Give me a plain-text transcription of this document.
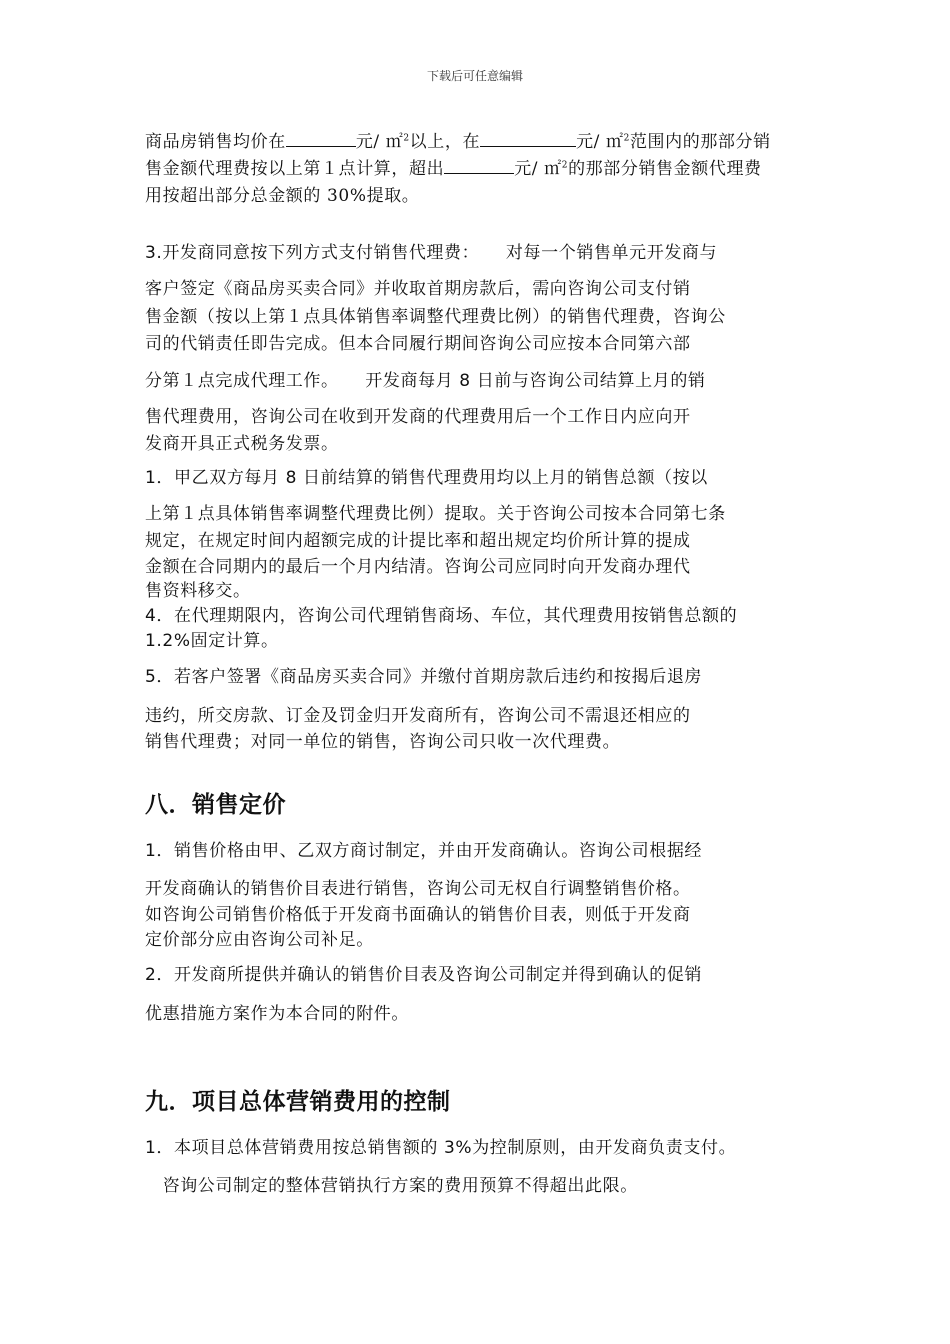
下载后可任意编辑
商品房销售均价在	元/ ㎡$^2$以上，在	元/ ㎡$^2$范围内的那部分销
售金额代理费按以上第１点计算，超出	元/ ㎡$^2$的那部分销售金额代理费
用按超出部分总金额的 30%提取。
3.开发商同意按下列方式支付销售代理费：　　对每一个销售单元开发商与
客户签定《商品房买卖合同》并收取首期房款后，需向咨询公司支付销
售金额（按以上第１点具体销售率调整代理费比例）的销售代理费，咨询公
司的代销责任即告完成。但本合同履行期间咨询公司应按本合同第六部
分第１点完成代理工作。　　开发商每月 8 日前与咨询公司结算上月的销
售代理费用，咨询公司在收到开发商的代理费用后一个工作日内应向开
发商开具正式税务发票。
1．甲乙双方每月 8 日前结算的销售代理费用均以上月的销售总额（按以
上第１点具体销售率调整代理费比例）提取。关于咨询公司按本合同第七条
规定，在规定时间内超额完成的计提比率和超出规定均价所计算的提成
金额在合同期内的最后一个月内结清。咨询公司应同时向开发商办理代
售资料移交。
4．在代理期限内，咨询公司代理销售商场、车位，其代理费用按销售总额的
1.2%固定计算。
5．若客户签署《商品房买卖合同》并缴付首期房款后违约和按揭后退房
违约，所交房款、订金及罚金归开发商所有，咨询公司不需退还相应的
销售代理费；对同一单位的销售，咨询公司只收一次代理费。
八．销售定价
1．销售价格由甲、乙双方商讨制定，并由开发商确认。咨询公司根据经
开发商确认的销售价目表进行销售，咨询公司无权自行调整销售价格。
如咨询公司销售价格低于开发商书面确认的销售价目表，则低于开发商
定价部分应由咨询公司补足。
2．开发商所提供并确认的销售价目表及咨询公司制定并得到确认的促销
优惠措施方案作为本合同的附件。
九．项目总体营销费用的控制
1．本项目总体营销费用按总销售额的 3%为控制原则，由开发商负责支付。
　咨询公司制定的整体营销执行方案的费用预算不得超出此限。
